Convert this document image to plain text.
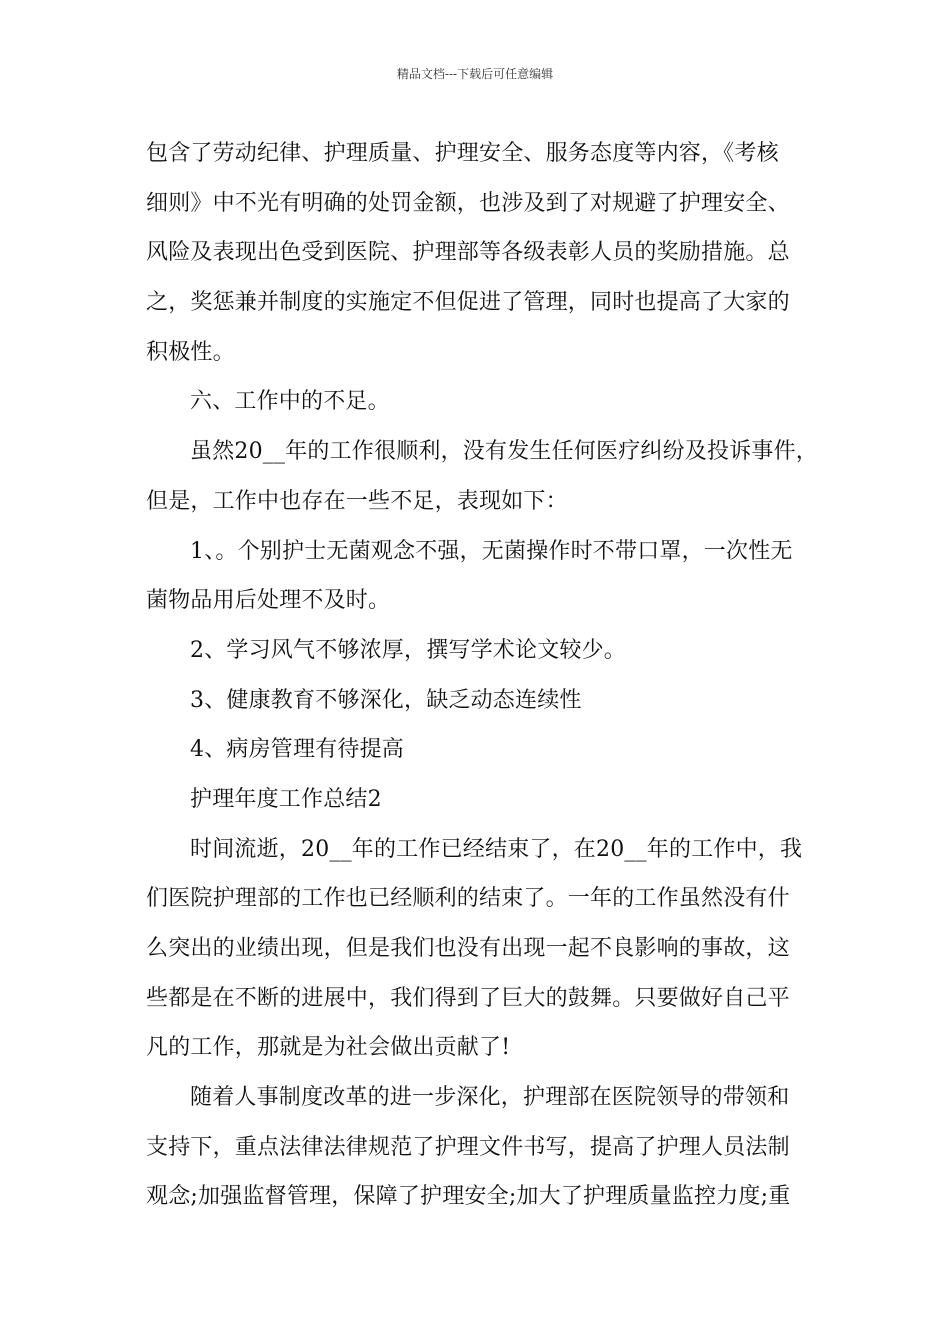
精品文档---下载后可任意编辑
包含了劳动纪律、护理质量、护理安全、服务态度等内容，《考核
细则》中不光有明确的处罚金额，也涉及到了对规避了护理安全、
风险及表现出色受到医院、护理部等各级表彰人员的奖励措施。总
之，奖惩兼并制度的实施定不但促进了管理，同时也提高了大家的
积极性。
六、工作中的不足。
虽然20__年的工作很顺利，没有发生任何医疗纠纷及投诉事件，
但是，工作中也存在一些不足，表现如下：
1、。个别护士无菌观念不强，无菌操作时不带口罩，一次性无
菌物品用后处理不及时。
2、学习风气不够浓厚，撰写学术论文较少。
3、健康教育不够深化，缺乏动态连续性
4、病房管理有待提高
护理年度工作总结2
时间流逝，20__年的工作已经结束了，在20__年的工作中，我
们医院护理部的工作也已经顺利的结束了。一年的工作虽然没有什
么突出的业绩出现，但是我们也没有出现一起不良影响的事故，这
些都是在不断的进展中，我们得到了巨大的鼓舞。只要做好自己平
凡的工作，那就是为社会做出贡献了!
随着人事制度改革的进一步深化，护理部在医院领导的带领和
支持下，重点法律法律规范了护理文件书写，提高了护理人员法制
观念;加强监督管理，保障了护理安全;加大了护理质量监控力度;重
